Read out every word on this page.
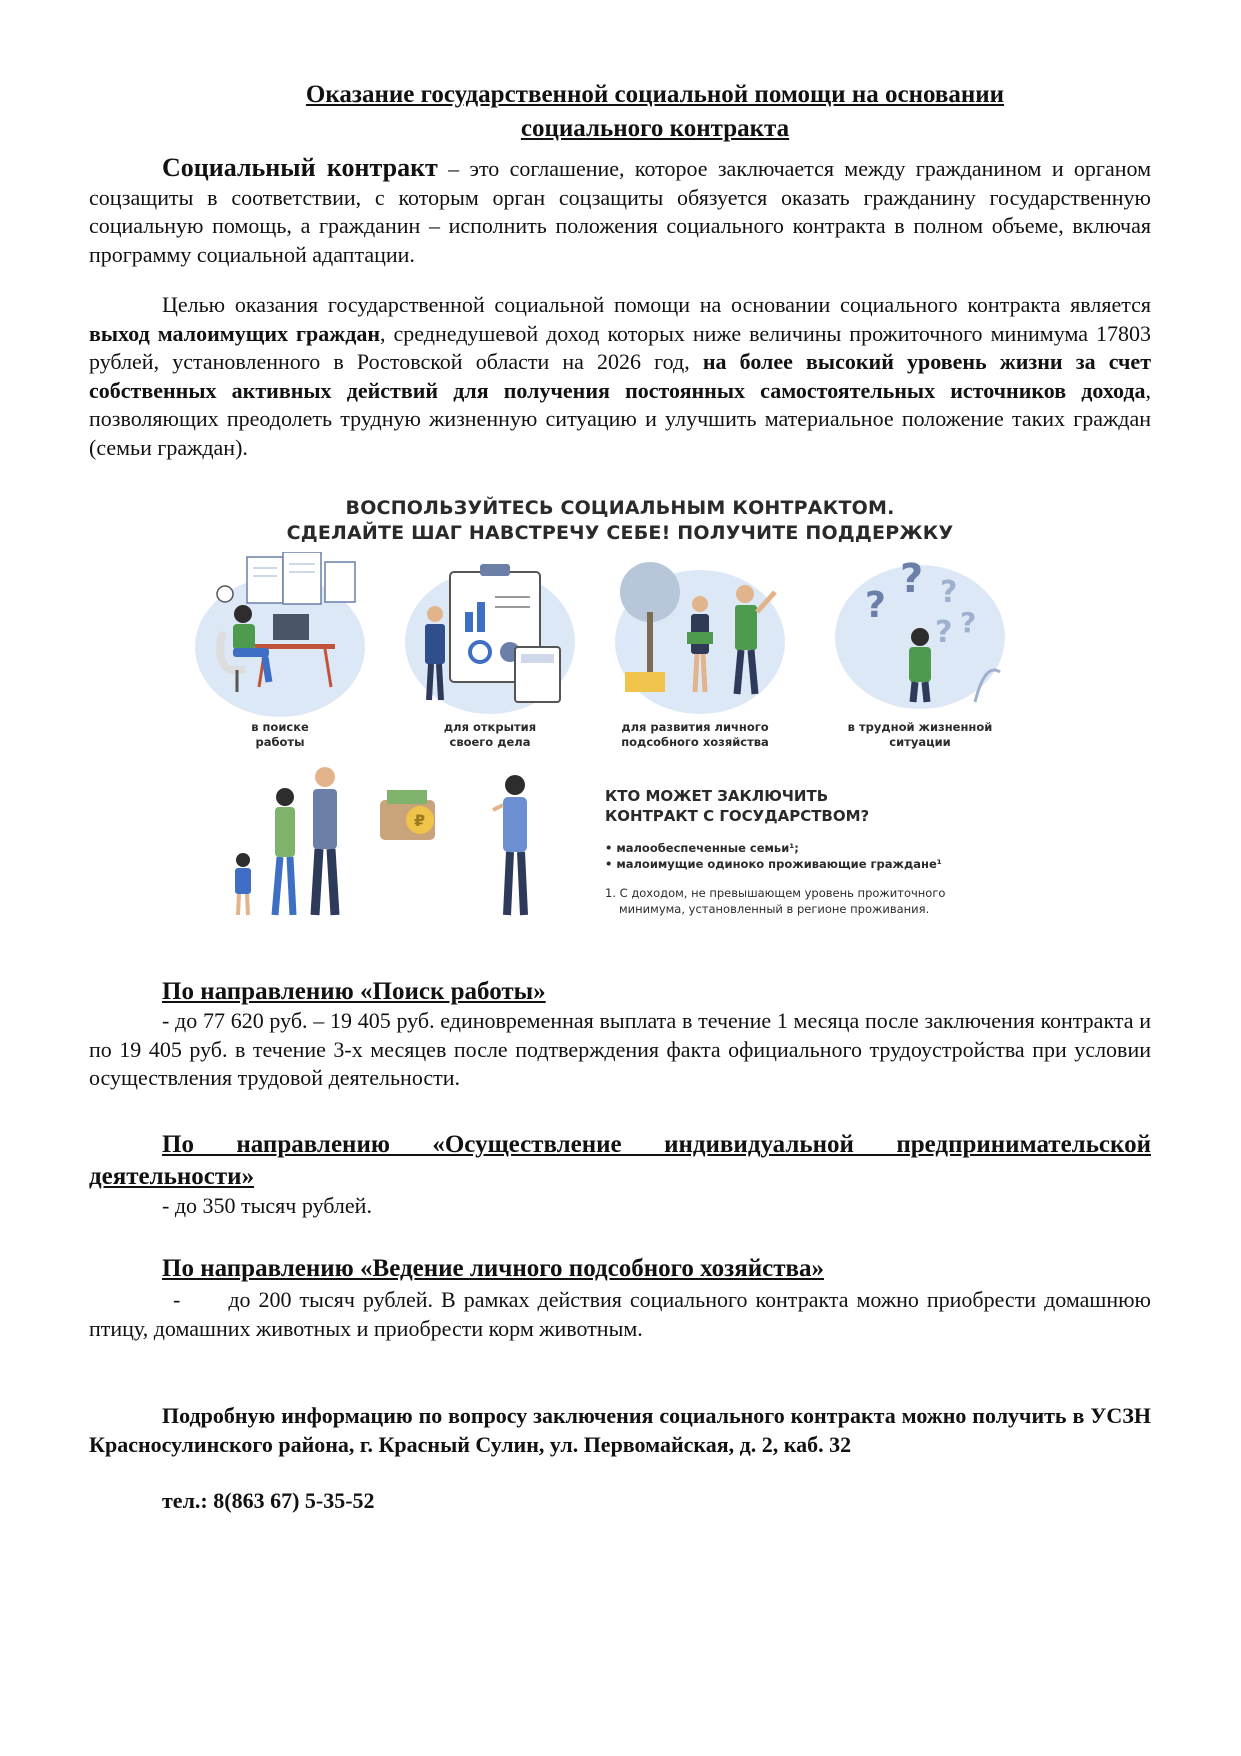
Оказание государственной социальной помощи на основании
социального контракта
Социальный контракт – это соглашение, которое заключается между гражданином и органом соцзащиты в соответствии, с которым орган соцзащиты обязуется оказать гражданину государственную социальную помощь, а гражданин – исполнить положения социального контракта в полном объеме, включая программу социальной адаптации.
Целью оказания государственной социальной помощи на основании социального контракта является выход малоимущих граждан, среднедушевой доход которых ниже величины прожиточного минимума 17803 рублей, установленного в Ростовской области на 2026 год, на более высокий уровень жизни за счет собственных активных действий для получения постоянных самостоятельных источников дохода, позволяющих преодолеть трудную жизненную ситуацию и улучшить материальное положение таких граждан (семьи граждан).
ВОСПОЛЬЗУЙТЕСЬ СОЦИАЛЬНЫМ КОНТРАКТОМ.
СДЕЛАЙТЕ ШАГ НАВСТРЕЧУ СЕБЕ! ПОЛУЧИТЕ ПОДДЕРЖКУ
в поиске
работы
для открытия
своего дела
для развития личного
подсобного хозяйства
?
? ?
?
?
в трудной жизненной
ситуации
₽
КТО МОЖЕТ ЗАКЛЮЧИТЬ
КОНТРАКТ С ГОСУДАРСТВОМ?
• малообеспеченные семьи¹;
• малоимущие одиноко проживающие граждане¹
1. С доходом, не превышающем уровень прожиточного
минимума, установленный в регионе проживания.
По направлению «Поиск работы»
- до 77 620 руб. – 19 405 руб. единовременная выплата в течение 1 месяца после заключения контракта и по 19 405 руб. в течение 3-х месяцев после подтверждения факта официального трудоустройства при условии осуществления трудовой деятельности.
По направлению «Осуществление индивидуальной предпринимательской деятельности»
- до 350 тысяч рублей.
По направлению «Ведение личного подсобного хозяйства»
- до 200 тысяч рублей. В рамках действия социального контракта можно приобрести домашнюю птицу, домашних животных и приобрести корм животным.
Подробную информацию по вопросу заключения социального контракта можно получить в УСЗН Красносулинского района, г. Красный Сулин, ул. Первомайская, д. 2, каб. 32
тел.: 8(863 67) 5-35-52
